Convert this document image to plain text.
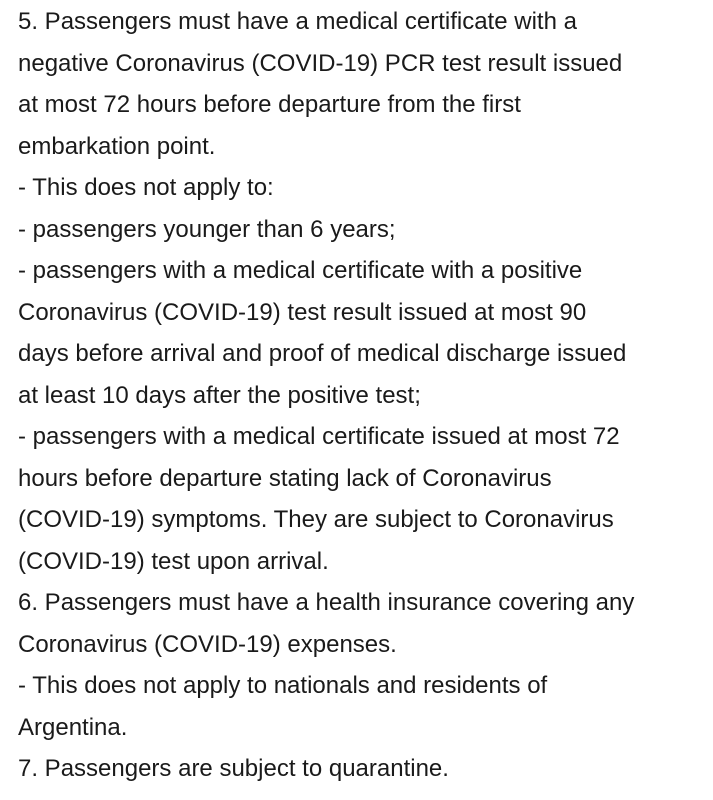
5. Passengers must have a medical certificate with a
negative Coronavirus (COVID-19) PCR test result issued
at most 72 hours before departure from the first
embarkation point.
- This does not apply to:
- passengers younger than 6 years;
- passengers with a medical certificate with a positive
Coronavirus (COVID-19) test result issued at most 90
days before arrival and proof of medical discharge issued
at least 10 days after the positive test;
- passengers with a medical certificate issued at most 72
hours before departure stating lack of Coronavirus
(COVID-19) symptoms. They are subject to Coronavirus
(COVID-19) test upon arrival.
6. Passengers must have a health insurance covering any
Coronavirus (COVID-19) expenses.
- This does not apply to nationals and residents of
Argentina.
7. Passengers are subject to quarantine.
